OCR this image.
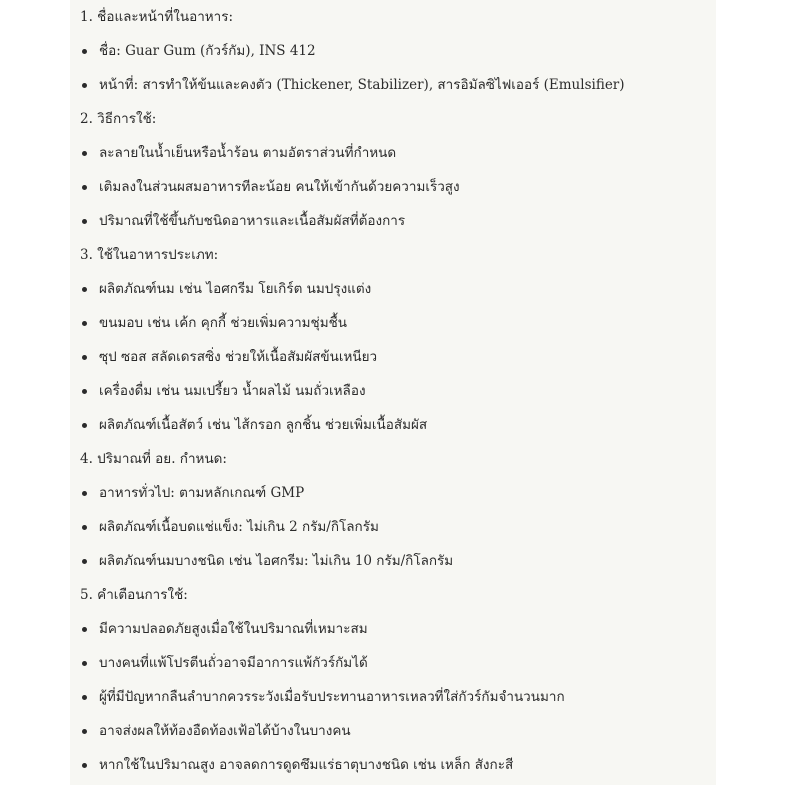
1. ชื่อและหน้าที่ในอาหาร:

ชื่อ: Guar Gum (กัวร์กัม), INS 412
หน้าที่: สารทำให้ข้นและคงตัว (Thickener, Stabilizer), สารอิมัลซิไฟเออร์ (Emulsifier)

2. วิธีการใช้:

ละลายในน้ำเย็นหรือน้ำร้อน ตามอัตราส่วนที่กำหนด
เติมลงในส่วนผสมอาหารทีละน้อย คนให้เข้ากันด้วยความเร็วสูง
ปริมาณที่ใช้ขึ้นกับชนิดอาหารและเนื้อสัมผัสที่ต้องการ

3. ใช้ในอาหารประเภท:

ผลิตภัณฑ์นม เช่น ไอศกรีม โยเกิร์ต นมปรุงแต่ง
ขนมอบ เช่น เค้ก คุกกี้ ช่วยเพิ่มความชุ่มชื้น
ซุป ซอส สลัดเดรสซิ่ง ช่วยให้เนื้อสัมผัสข้นเหนียว
เครื่องดื่ม เช่น นมเปรี้ยว น้ำผลไม้ นมถั่วเหลือง
ผลิตภัณฑ์เนื้อสัตว์ เช่น ไส้กรอก ลูกชิ้น ช่วยเพิ่มเนื้อสัมผัส

4. ปริมาณที่ อย. กำหนด:

อาหารทั่วไป: ตามหลักเกณฑ์ GMP
ผลิตภัณฑ์เนื้อบดแช่แข็ง: ไม่เกิน 2 กรัม/กิโลกรัม
ผลิตภัณฑ์นมบางชนิด เช่น ไอศกรีม: ไม่เกิน 10 กรัม/กิโลกรัม

5. คำเตือนการใช้:

มีความปลอดภัยสูงเมื่อใช้ในปริมาณที่เหมาะสม
บางคนที่แพ้โปรตีนถั่วอาจมีอาการแพ้กัวร์กัมได้
ผู้ที่มีปัญหากลืนลำบากควรระวังเมื่อรับประทานอาหารเหลวที่ใส่กัวร์กัมจำนวนมาก
อาจส่งผลให้ท้องอืดท้องเฟ้อได้บ้างในบางคน
หากใช้ในปริมาณสูง อาจลดการดูดซึมแร่ธาตุบางชนิด เช่น เหล็ก สังกะสี
